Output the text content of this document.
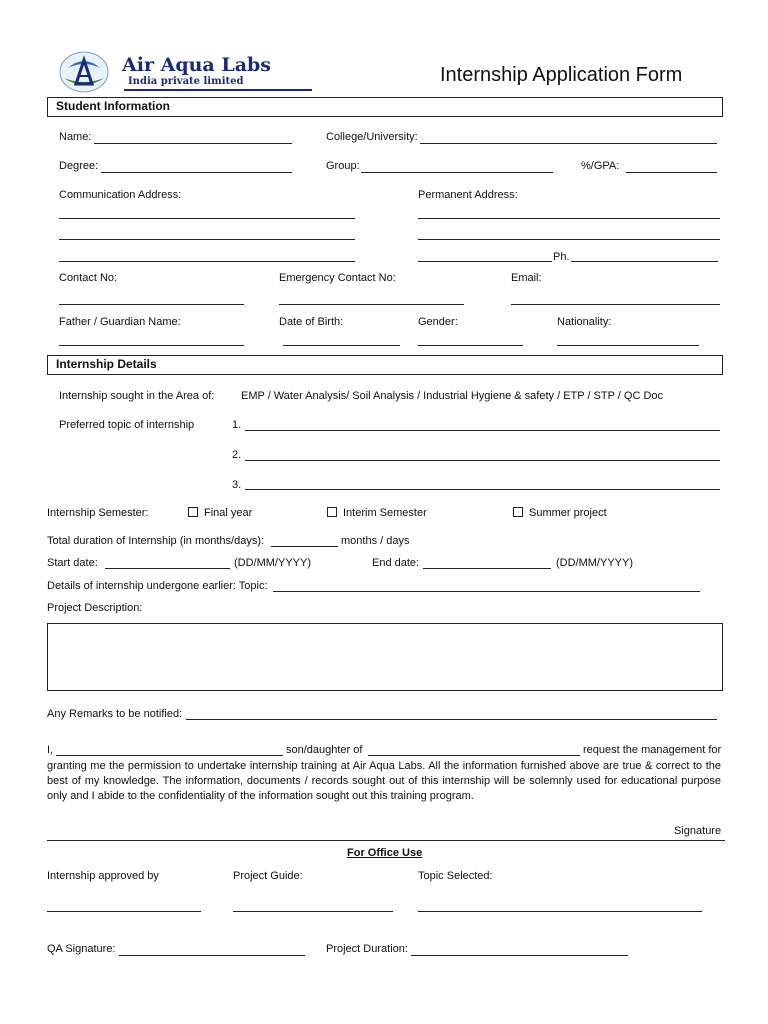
Air Aqua Labs
India private limited	Internship Application Form
Student Information
Name:	College/University:
Degree:	Group:	%/GPA:
Communication Address:	Permanent Address:
Ph.
Contact No:	Emergency Contact No:	Email:
Father / Guardian Name:	Date of Birth:	Gender:	Nationality:
Internship Details
Internship sought in the Area of: EMP / Water Analysis/ Soil Analysis / Industrial Hygiene & safety / ETP / STP / QC Doc
Preferred topic of internship	1.
2.
3.
Internship Semester:	Final year	Interim Semester	Summer project
Total duration of Internship (in months/days):	months / days
Start date:	(DD/MM/YYYY)	End date:	(DD/MM/YYYY)
Details of internship undergone earlier: Topic:
Project Description:
Any Remarks to be notified:
I,	son/daughter of	request the management for
granting me the permission to undertake internship training at Air Aqua Labs. All the information furnished above are true & correct to the best of my knowledge. The information, documents / records sought out of this internship will be solemnly used for educational purpose only and I abide to the confidentiality of the information sought out this training program.
Signature
For Office Use
Internship approved by	Project Guide:	Topic Selected:
QA Signature:	Project Duration:
